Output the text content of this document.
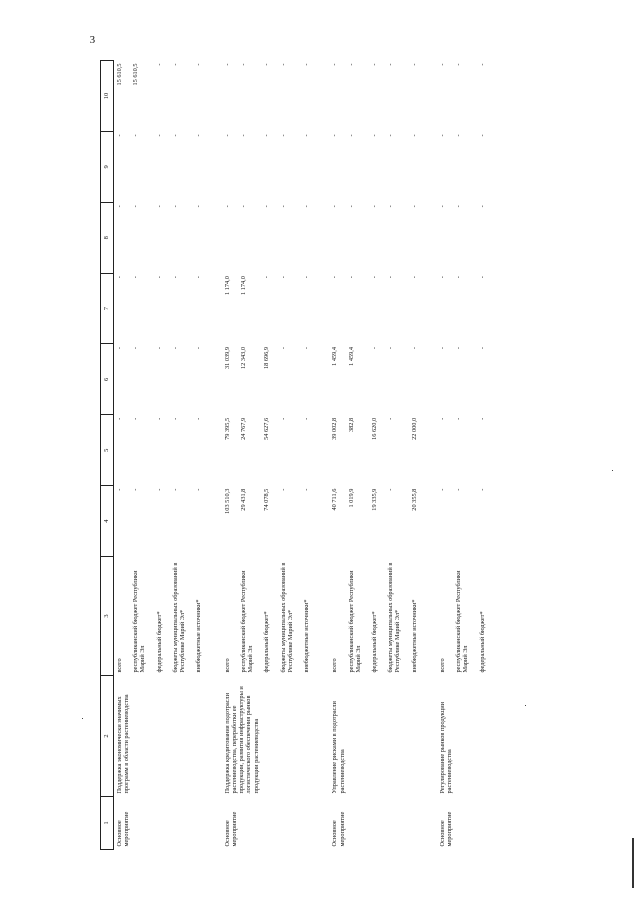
3
1	2	3	4	5	6	7	8	9	10
Основное мероприятие	Поддержка экономически значимых программ в области растениеводства	всего	-	-	-	-	-	-	15 610,5
		республиканский бюджет Республики Марий Эл	-	-	-	-	-	-	15 610,5
		федеральный бюджет*	-	-	-	-	-	-	-
		бюджеты муниципальных образований в Республике Марий Эл*	-	-	-	-	-	-	-
		внебюджетные источники*	-	-	-	-	-	-	-

Основное мероприятие	Поддержка кредитования подотрасли растениеводства, переработки ее продукции, развития инфраструктуры и логистического обеспечения рынков продукции растениеводства	всего	103 510,3	79 395,5	31 039,9	1 174,0	-	-	-
		республиканский бюджет Республики Марий Эл	29 431,8	24 767,9	12 343,0	1 174,0	-	-	-
		федеральный бюджет*	74 078,5	54 627,6	18 696,9	-	-	-	-
		бюджеты муниципальных образований в Республике Марий Эл*	-	-	-	-	-	-	-
		внебюджетные источники*	-	-	-	-	-	-	-

Основное мероприятие	Управление рисками в подотрасли растениеводства	всего	40 711,6	39 002,8	1 459,4	-	-	-	-
		республиканский бюджет Республики Марий Эл	1 019,9	382,8	1 459,4	-	-	-	-
		федеральный бюджет*	19 335,9	16 620,0	-	-	-	-	-
		бюджеты муниципальных образований в Республике Марий Эл*	-	-	-	-	-	-	-
		внебюджетные источники*	20 355,8	22 000,0	-	-	-	-	-

Основное мероприятие	Регулирование рынков продукции растениеводства	всего	-	-	-	-	-	-	-
		республиканский бюджет Республики Марий Эл	-	-	-	-	-	-	-
		федеральный бюджет*	-	-	-	-	-	-	-
